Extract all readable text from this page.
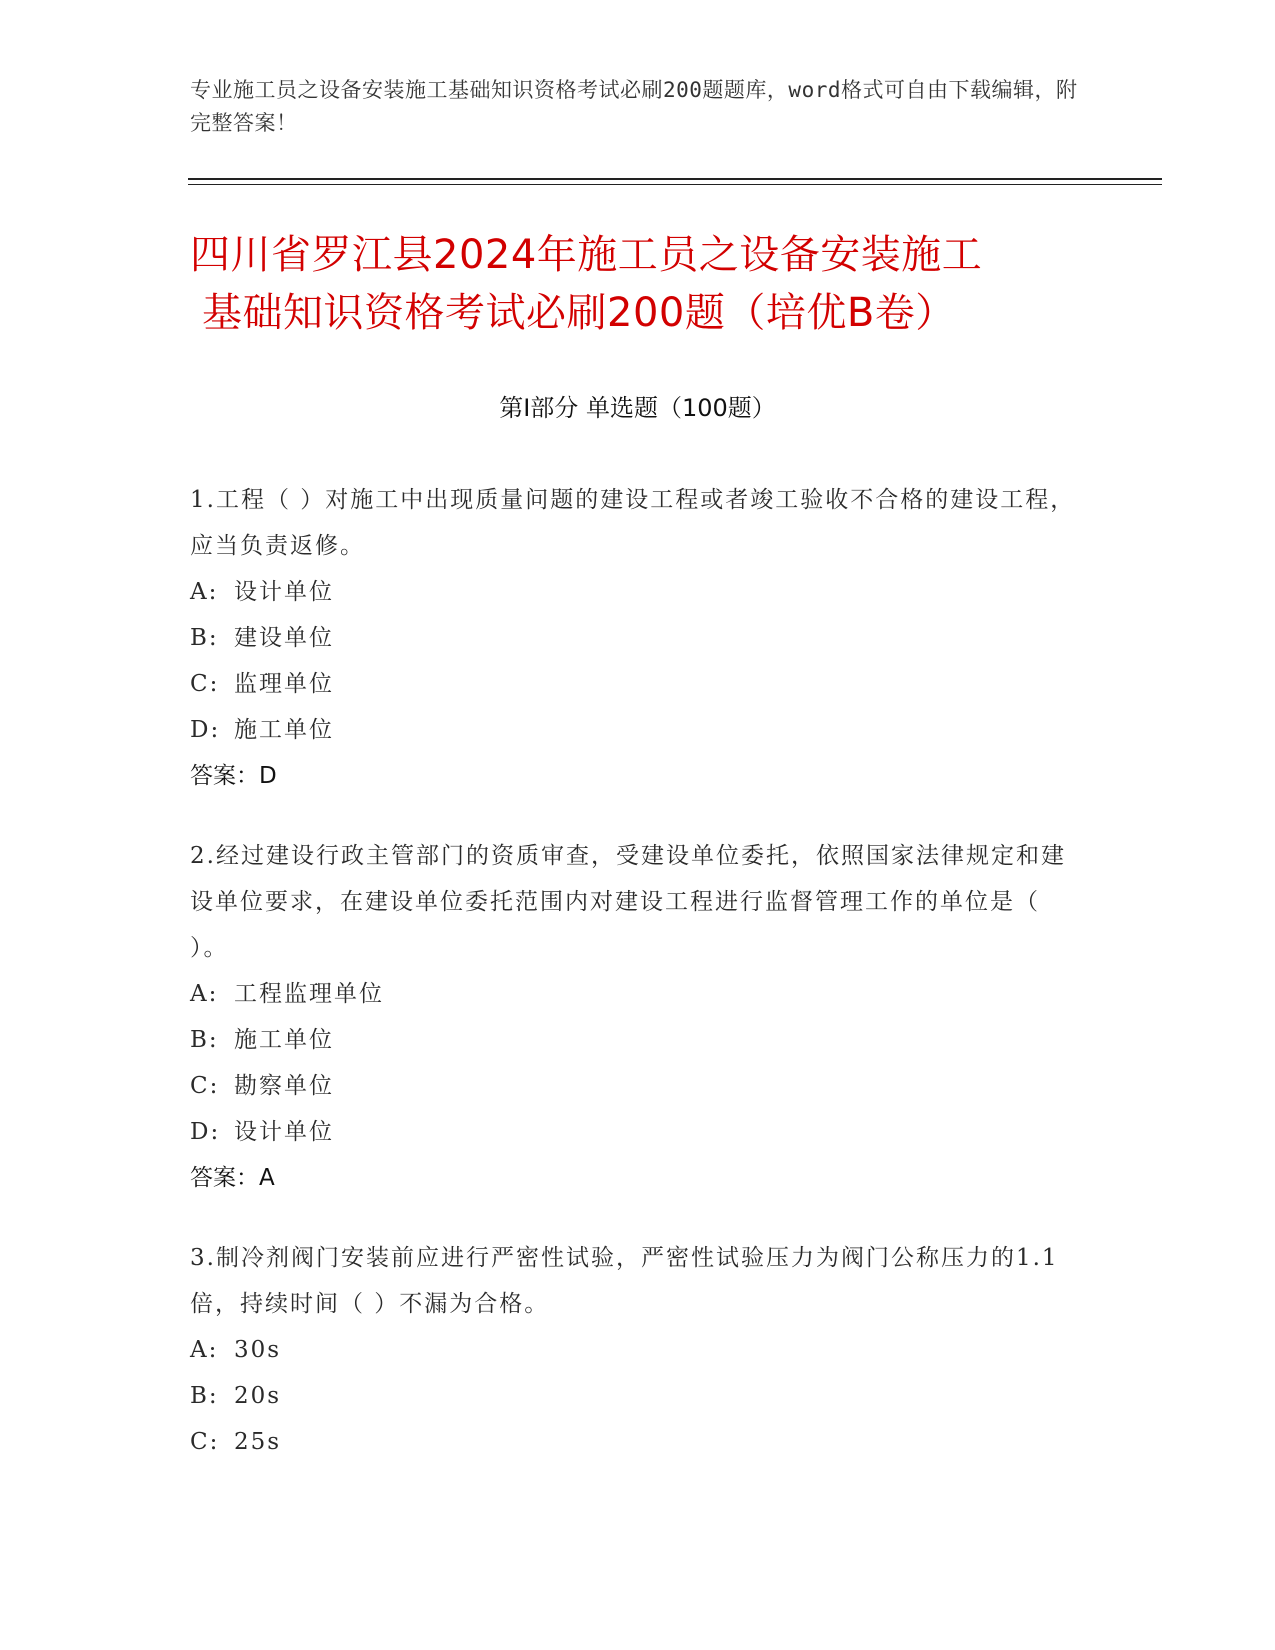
专业施工员之设备安装施工基础知识资格考试必刷200题题库，word格式可自由下载编辑，附完整答案！
四川省罗江县2024年施工员之设备安装施工
基础知识资格考试必刷200题（培优B卷）
第I部分 单选题（100题）

1.工程（ ）对施工中出现质量问题的建设工程或者竣工验收不合格的建设工程，应当负责返修。

A: 设计单位

B: 建设单位

C: 监理单位

D: 施工单位

答案：D

2.经过建设行政主管部门的资质审查，受建设单位委托，依照国家法律规定和建设单位要求，在建设单位委托范围内对建设工程进行监督管理工作的单位是（ ）。

A: 工程监理单位

B: 施工单位

C: 勘察单位

D: 设计单位

答案：A

3.制冷剂阀门安装前应进行严密性试验，严密性试验压力为阀门公称压力的1.1倍，持续时间（ ）不漏为合格。

A: 30s

B: 20s

C: 25s
